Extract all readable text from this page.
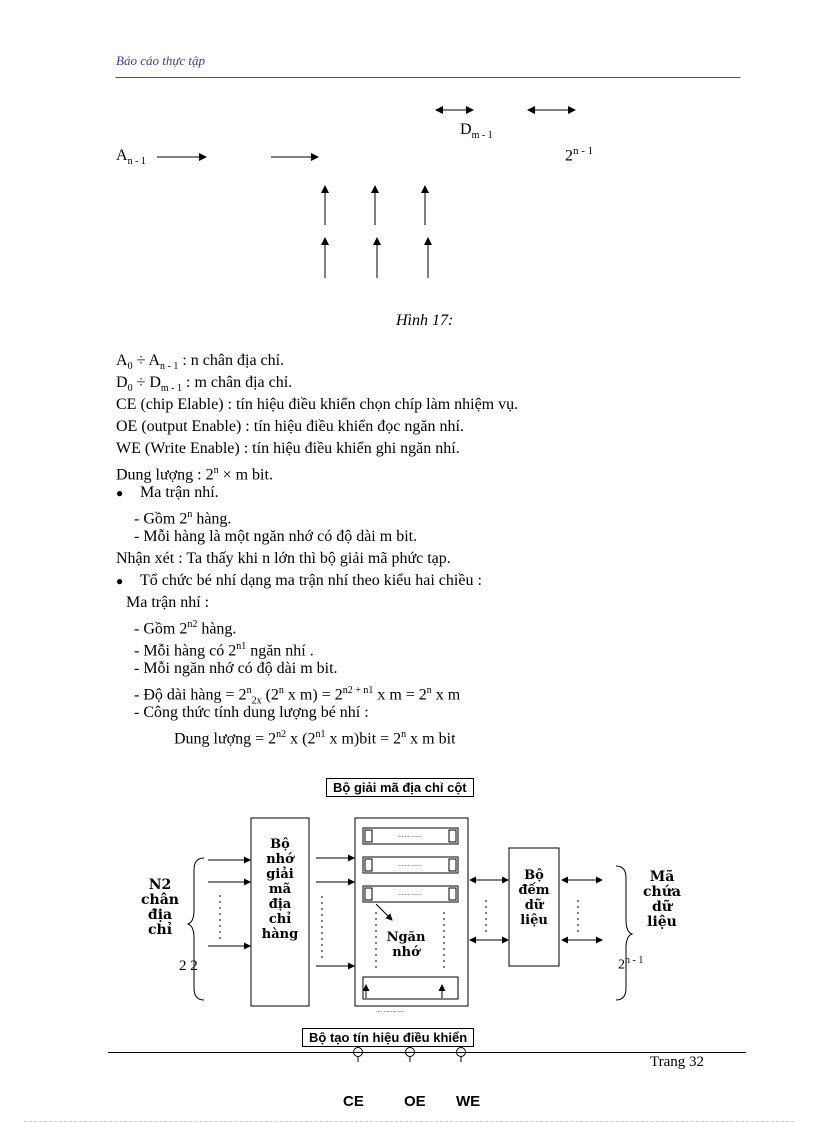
Báo cáo thực tập
$D_{m - 1}$
$A_{n - 1}$	2$^{n - 1}$
Hình 17:
$A_0 \div A_{n - 1}$ : n chân địa chỉ.
$D_0 \div D_{m - 1}$ : m chân địa chỉ.
CE (chip Elable) : tín hiệu điều khiển chọn chíp làm nhiệm vụ.
OE (output Enable) : tín hiệu điều khiển đọc ngăn nhí.
WE (Write Enable) : tín hiệu điều khiển ghi ngăn nhí.
Dung lượng : $2^n \times m$ bit.
● Ma trận nhí.
- Gồm 2$^n$ hàng.
- Mỗi hàng là một ngăn nhớ có độ dài m bit.
Nhận xét : Ta thấy khi n lớn thì bộ giải mã phức tạp.
● Tổ chức bé nhí dạng ma trận nhí theo kiểu hai chiều :
Ma trận nhí :
- Gồm $2^{n2}$ hàng.
- Mỗi hàng có $2^{n1}$ ngăn nhí .
- Mỗi ngăn nhớ có độ dài m bit.
- Độ dài hàng = $2^n_{2x}$ (2$^n$ x $m) = 2^{n2 + n1}$ x $m = 2^n$ x m
- Công thức tính dung lượng bé nhí :
Dung lượng = $2^{n2}$ x ($2^{n1}$ x $m)bit = 2^n$ x m bit
Bộ giải mã địa chỉ cột
Bộ
nhớ
giải
mã
địa
chỉ
hàng
N2
chân
địa
chỉ
2 2
........ ......
........ ......
........ ......
Ngăn
nhớ
Bộ
đếm
dữ
liệu
Mã
chứa
dữ
liệu
2$^{n - 1}$
.... ........ ....
Bộ tạo tín hiệu điều khiển
Trang 32
CE	OE WE
